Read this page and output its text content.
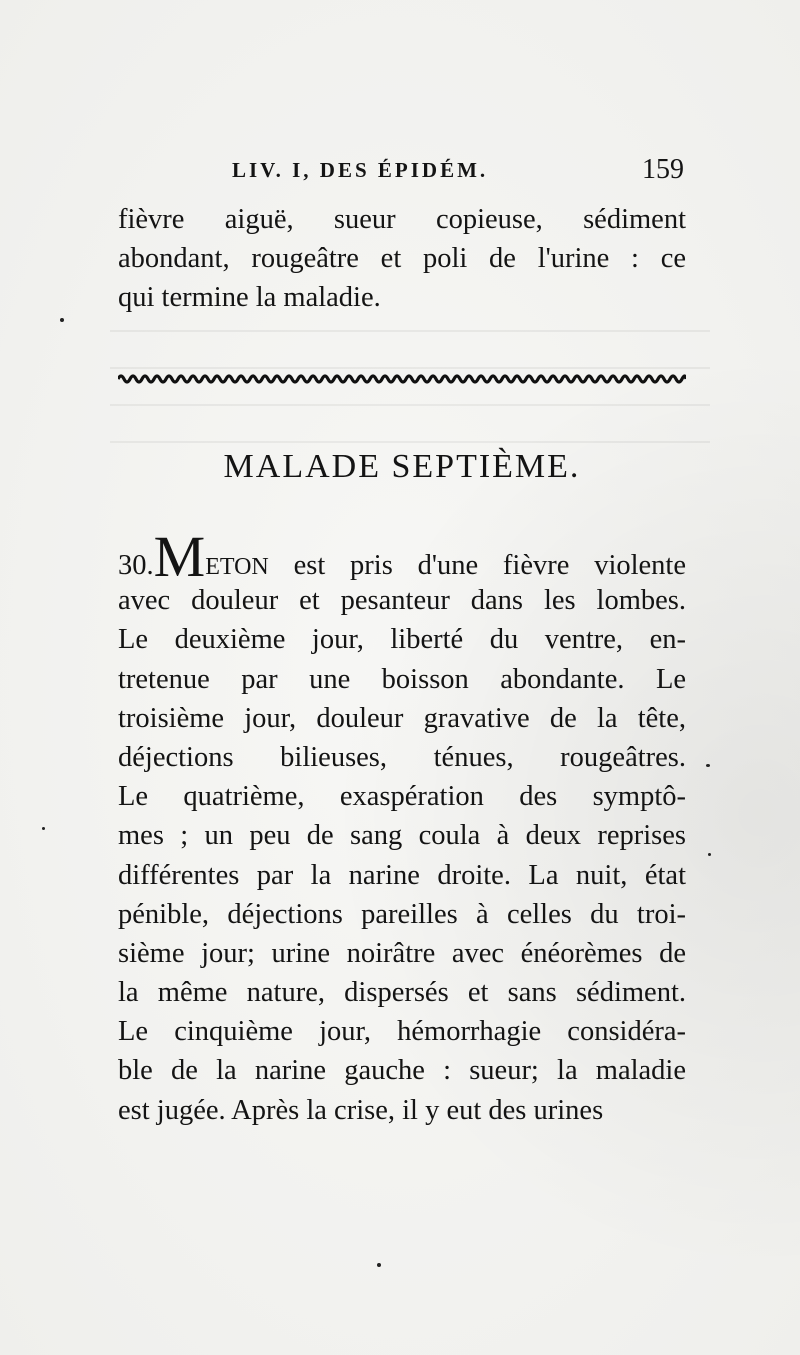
LIV. I, DES ÉPIDÉM.	159
fièvre aiguë, sueur copieuse, sédiment
abondant, rougeâtre et poli de l'urine : ce
qui termine la maladie.
MALADE SEPTIÈME.
30.METON est pris d'une fièvre violente
avec douleur et pesanteur dans les lombes.
Le deuxième jour, liberté du ventre, en-
tretenue par une boisson abondante. Le
troisième jour, douleur gravative de la tête,
déjections bilieuses, ténues, rougeâtres.
Le quatrième, exaspération des symptô-
mes ; un peu de sang coula à deux reprises
différentes par la narine droite. La nuit, état
pénible, déjections pareilles à celles du troi-
sième jour; urine noirâtre avec énéorèmes de
la même nature, dispersés et sans sédiment.
Le cinquième jour, hémorrhagie considéra-
ble de la narine gauche : sueur; la maladie
est jugée. Après la crise, il y eut des urines
